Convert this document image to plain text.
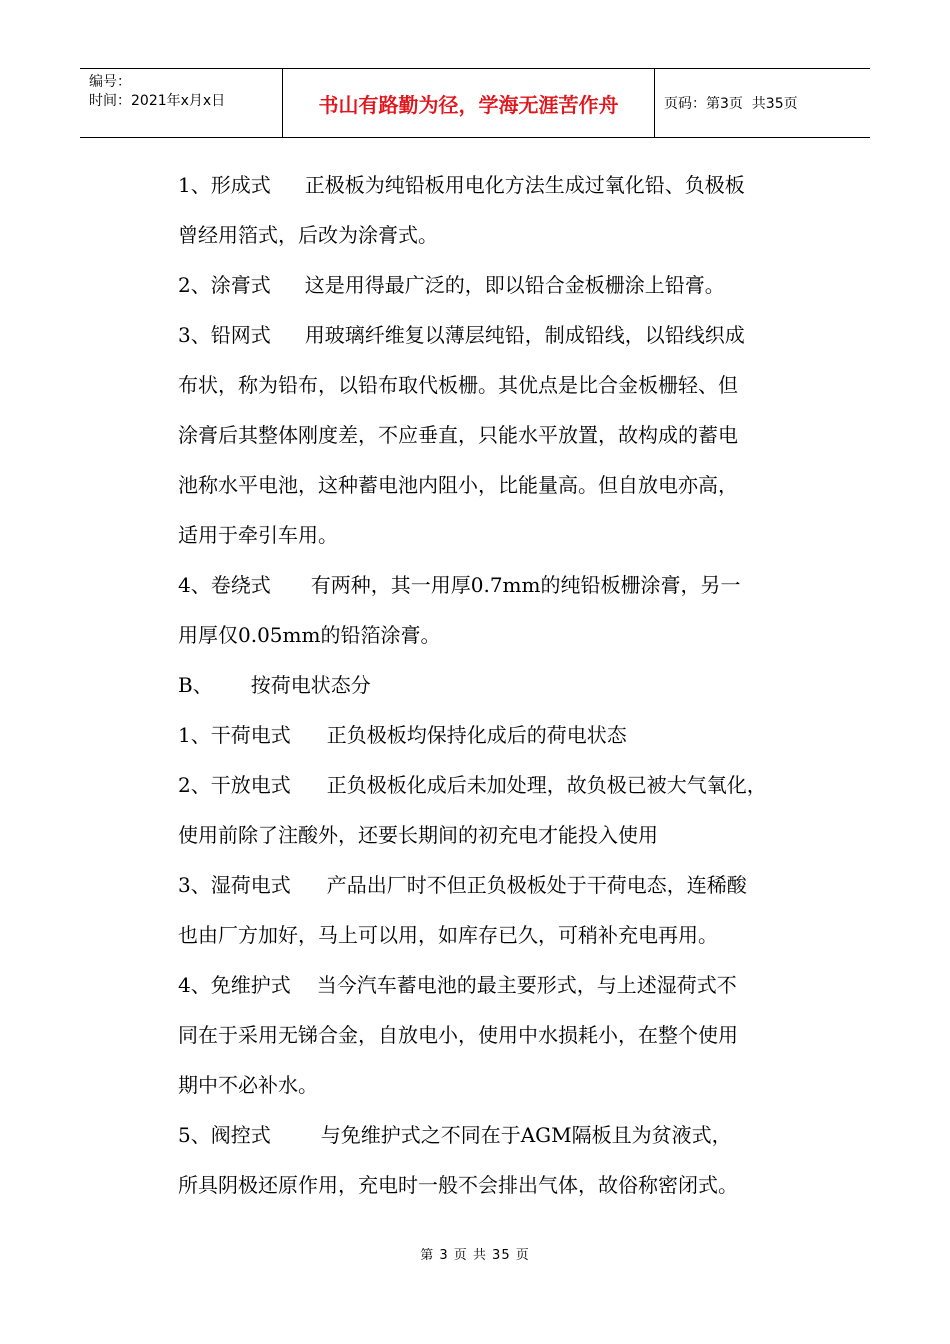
编号：
时间：2021年x月x日	书山有路勤为径，学海无涯苦作舟	页码：第3页  共35页

1、形成式 正极板为纯铅板用电化方法生成过氧化铅、负极板

曾经用箔式，后改为涂膏式。

2、涂膏式 这是用得最广泛的，即以铅合金板栅涂上铅膏。

3、铅网式 用玻璃纤维复以薄层纯铅，制成铅线，以铅线织成

布状，称为铅布，以铅布取代板栅。其优点是比合金板栅轻、但

涂膏后其整体刚度差，不应垂直，只能水平放置，故构成的蓄电

池称水平电池，这种蓄电池内阻小，比能量高。但自放电亦高，

适用于牵引车用。

4、卷绕式 有两种，其一用厚0.7mm的纯铅板栅涂膏，另一

用厚仅0.05mm的铅箔涂膏。

B、 按荷电状态分

1、干荷电式 正负极板均保持化成后的荷电状态

2、干放电式 正负极板化成后未加处理，故负极已被大气氧化，

使用前除了注酸外，还要长期间的初充电才能投入使用

3、湿荷电式 产品出厂时不但正负极板处于干荷电态，连稀酸

也由厂方加好，马上可以用，如库存已久，可稍补充电再用。

4、免维护式 当今汽车蓄电池的最主要形式，与上述湿荷式不

同在于采用无锑合金，自放电小，使用中水损耗小，在整个使用

期中不必补水。

5、阀控式	与免维护式之不同在于AGM隔板且为贫液式，

所具阴极还原作用，充电时一般不会排出气体，故俗称密闭式。

第 3 页 共 35 页
